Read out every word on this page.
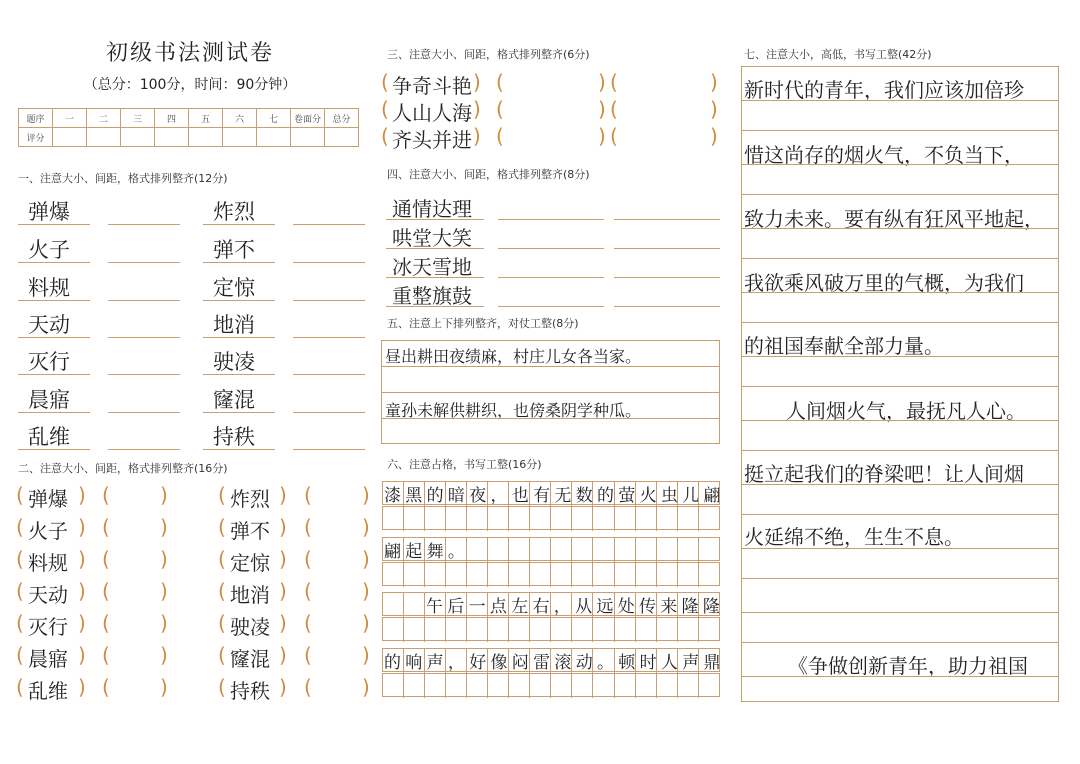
初级书法测试卷
（总分：100分，时间：90分钟）
题序	一	二	三	四	五	六	七	卷面分	总分
评分									
一、注意大小、间距，格式排列整齐(12分)
弹爆	炸烈
火子	弹不
料规	定惊
天动	地消
灭行	驶凌
晨寤	窿混
乱维	持秩
二、注意大小、间距，格式排列整齐(16分)
( 弹爆 ) (	)	( 炸烈 ) (	)
( 火子 ) (	)	( 弹不 ) (	)
( 料规 ) (	)	( 定惊 ) (	)
( 天动 ) (	)	( 地消 ) (	)
( 灭行 ) (	)	( 驶凌 ) (	)
( 晨寤 ) (	)	( 窿混 ) (	)
( 乱维 ) (	)	( 持秩 ) (	)
三、注意大小、间距，格式排列整齐(6分)
( 争奇斗艳 ) (	) (	)
( 人山人海 ) (	) (	)
( 齐头并进 ) (	) (	)
四、注意大小、间距，格式排列整齐(8分)
通情达理
哄堂大笑
冰天雪地
重整旗鼓
五、注意上下排列整齐，对仗工整(8分)
昼出耕田夜绩麻，村庄儿女各当家。
童孙未解供耕织，也傍桑阴学种瓜。
六、注意占格，书写工整(16分)
漆黑的暗夜，也有无数的萤火虫儿翩
翩起舞。
午后一点左右，从远处传来隆隆
的响声，好像闷雷滚动。顿时人声鼎
七、注意大小，高低，书写工整(42分)
新时代的青年，我们应该加倍珍
惜这尚存的烟火气，不负当下，
致力未来。要有纵有狂风平地起，
我欲乘风破万里的气概，为我们
的祖国奉献全部力量。
人间烟火气，最抚凡人心。
挺立起我们的脊梁吧！让人间烟
火延绵不绝，生生不息。
《争做创新青年，助力祖国
